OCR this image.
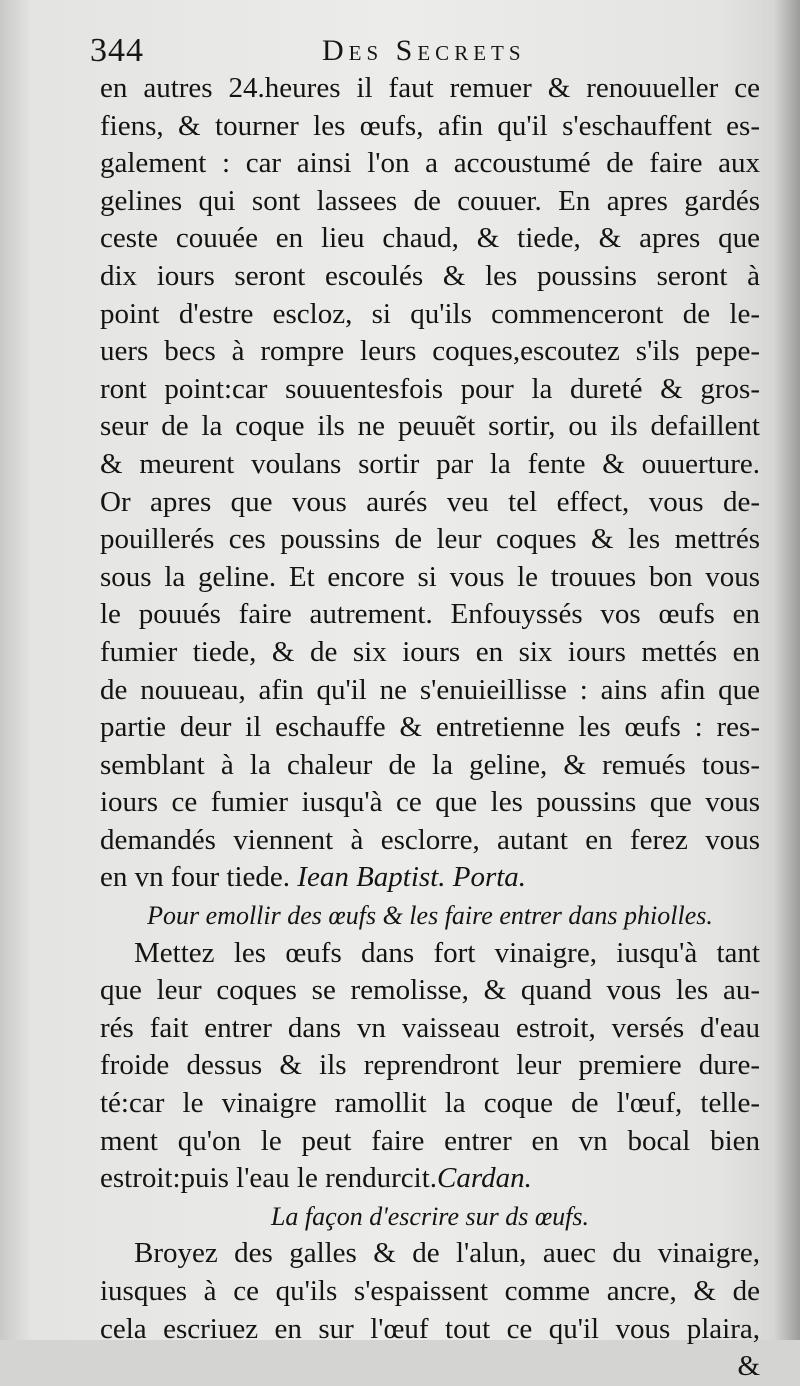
344	Des Secrets
en autres 24.heures il faut remuer & renouueller ce
fiens, & tourner les œufs, afin qu'il s'eschauffent es-
galement : car ainsi l'on a accoustumé de faire aux
gelines qui sont lassees de couuer. En apres gardés
ceste couuée en lieu chaud, & tiede, & apres que
dix iours seront escoulés & les poussins seront à
point d'estre escloz, si qu'ils commenceront de le-
uers becs à rompre leurs coques,escoutez s'ils pepe-
ront point:car souuentesfois pour la dureté & gros-
seur de la coque ils ne peuuẽt sortir, ou ils defaillent
& meurent voulans sortir par la fente & ouuerture.
Or apres que vous aurés veu tel effect, vous de-
pouillerés ces poussins de leur coques & les mettrés
sous la geline. Et encore si vous le trouues bon vous
le pouués faire autrement. Enfouyssés vos œufs en
fumier tiede, & de six iours en six iours mettés en
de nouueau, afin qu'il ne s'enuieillisse : ains afin que
partie deur il eschauffe & entretienne les œufs : res-
semblant à la chaleur de la geline, & remués tous-
iours ce fumier iusqu'à ce que les poussins que vous
demandés viennent à esclorre, autant en ferez vous
en vn four tiede. Iean Baptist. Porta.
Pour emollir des œufs & les faire entrer dans phiolles.
Mettez les œufs dans fort vinaigre, iusqu'à tant
que leur coques se remolisse, & quand vous les au-
rés fait entrer dans vn vaisseau estroit, versés d'eau
froide dessus & ils reprendront leur premiere dure-
té:car le vinaigre ramollit la coque de l'œuf, telle-
ment qu'on le peut faire entrer en vn bocal bien
estroit:puis l'eau le rendurcit.Cardan.
La façon d'escrire sur ds œufs.
Broyez des galles & de l'alun, auec du vinaigre,
iusques à ce qu'ils s'espaissent comme ancre, & de
cela escriuez en sur l'œuf tout ce qu'il vous plaira,
&
